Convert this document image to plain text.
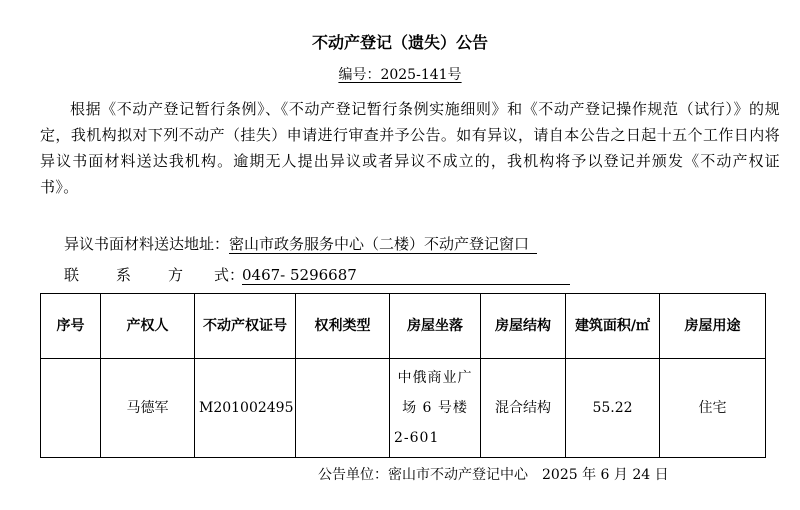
不动产登记（遗失）公告
编号：2025-141号
根据《不动产登记暂行条例》、《不动产登记暂行条例实施细则》和《不动产登记操作规范（试行）》的规定，我机构拟对下列不动产（挂失）申请进行审查并予公告。如有异议，请自本公告之日起十五个工作日内将异议书面材料送达我机构。逾期无人提出异议或者异议不成立的，我机构将予以登记并颁发《不动产权证书》。
异议书面材料送达地址：密山市政务服务中心（二楼）不动产登记窗口
联 系 方 式：0467- 5296687
序号	产权人	不动产权证号	权利类型	房屋坐落	房屋结构	建筑面积/㎡	房屋用途
	马德军	M201002495		中俄商业广场 6 号楼 2-601	混合结构	55.22	住宅
公告单位：密山市不动产登记中心 2025 年 6 月 24 日
